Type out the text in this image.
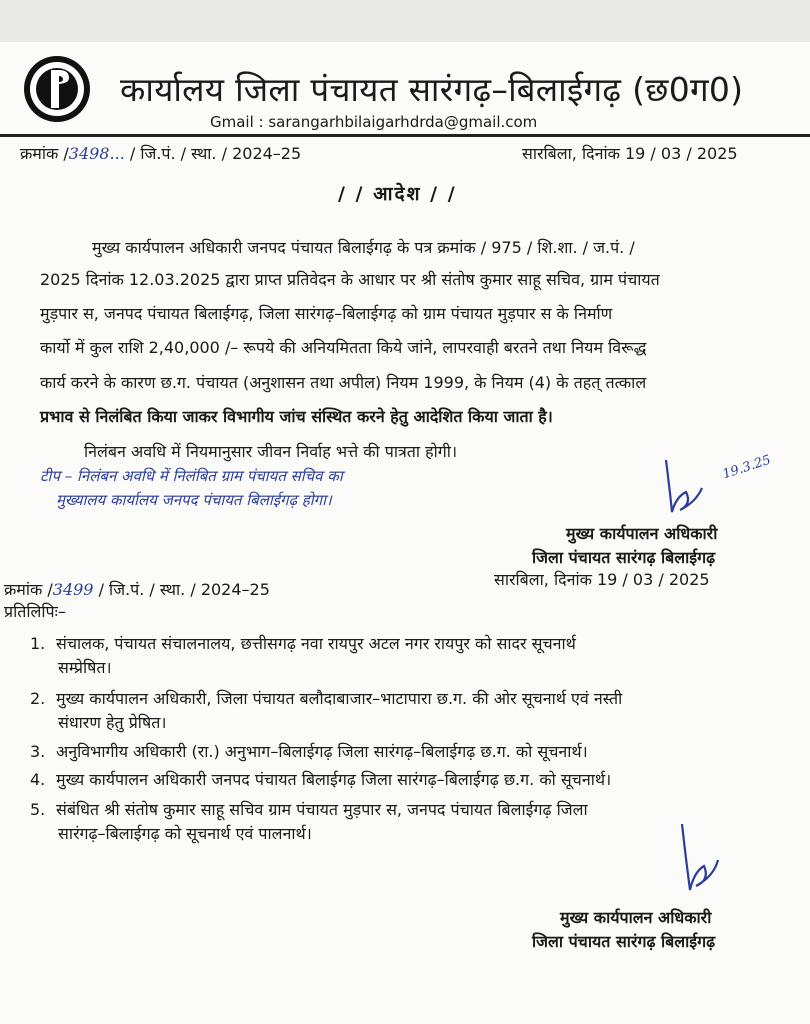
कार्यालय जिला पंचायत सारंगढ़–बिलाईगढ़ (छ0ग0)
Gmail : sarangarhbilaigarhdrda@gmail.com
क्रमांक /3498... / जि.पं. / स्था. / 2024–25	सारबिला, दिनांक 19 / 03 / 2025
/ / आदेश / /
मुख्य कार्यपालन अधिकारी जनपद पंचायत बिलाईगढ़ के पत्र क्रमांक / 975 / शि.शा. / ज.पं. /
2025 दिनांक 12.03.2025 द्वारा प्राप्त प्रतिवेदन के आधार पर श्री संतोष कुमार साहू सचिव, ग्राम पंचायत
मुड़पार स, जनपद पंचायत बिलाईगढ़, जिला सारंगढ़–बिलाईगढ़ को ग्राम पंचायत मुड़पार स के निर्माण
कार्यो में कुल राशि 2,40,000 /– रूपये की अनियमितता किये जांने, लापरवाही बरतने तथा नियम विरूद्ध
कार्य करने के कारण छ.ग. पंचायत (अनुशासन तथा अपील) नियम 1999, के नियम (4) के तहत् तत्काल
प्रभाव से निलंबित किया जाकर विभागीय जांच संस्थित करने हेतु आदेशित किया जाता है।
निलंबन अवधि में नियमानुसार जीवन निर्वाह भत्ते की पात्रता होगी।
टीप – निलंबन अवधि में निलंबित ग्राम पंचायत सचिव का
मुख्यालय कार्यालय जनपद पंचायत बिलाईगढ़ होगा।
19.3.25
मुख्य कार्यपालन अधिकारी
जिला पंचायत सारंगढ़ बिलाईगढ़
क्रमांक /3499 / जि.पं. / स्था. / 2024–25
सारबिला, दिनांक 19 / 03 / 2025
प्रतिलिपिः–
1. संचालक, पंचायत संचालनालय, छत्तीसगढ़ नवा रायपुर अटल नगर रायपुर को सादर सूचनार्थ
सम्प्रेषित।
2. मुख्य कार्यपालन अधिकारी, जिला पंचायत बलौदाबाजार–भाटापारा छ.ग. की ओर सूचनार्थ एवं नस्ती
संधारण हेतु प्रेषित।
3. अनुविभागीय अधिकारी (रा.) अनुभाग–बिलाईगढ़ जिला सारंगढ़–बिलाईगढ़ छ.ग. को सूचनार्थ।
4. मुख्य कार्यपालन अधिकारी जनपद पंचायत बिलाईगढ़ जिला सारंगढ़–बिलाईगढ़ छ.ग. को सूचनार्थ।
5. संबंधित श्री संतोष कुमार साहू सचिव ग्राम पंचायत मुड़पार स, जनपद पंचायत बिलाईगढ़ जिला
सारंगढ़–बिलाईगढ़ को सूचनार्थ एवं पालनार्थ।
मुख्य कार्यपालन अधिकारी
जिला पंचायत सारंगढ़ बिलाईगढ़
